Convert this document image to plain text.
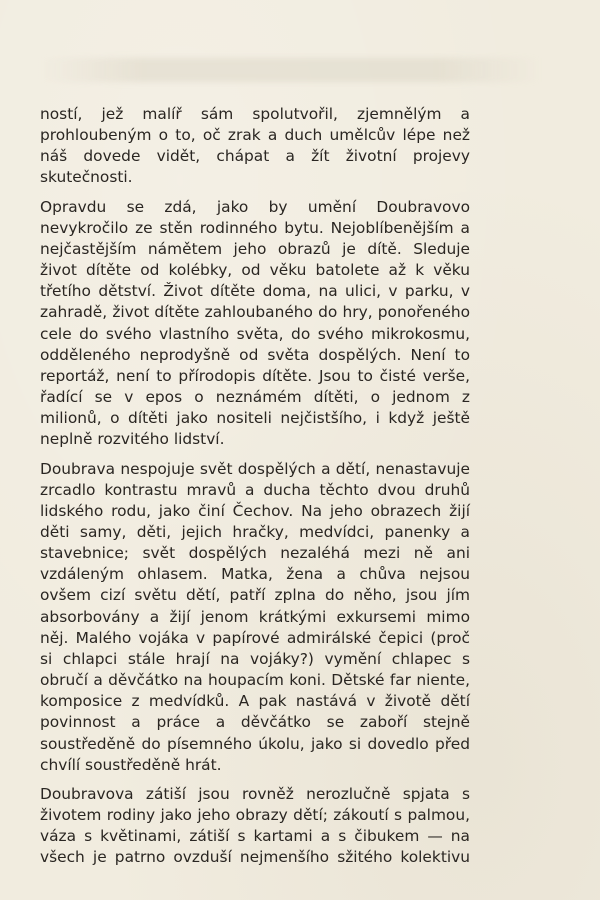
ností, jež malíř sám spolutvořil, zjemnělým a prohloubeným o to, oč zrak a duch umělcův lépe než náš dovede vidět, chápat a žít životní projevy skutečnosti.

Opravdu se zdá, jako by umění Doubravovo nevykročilo ze stěn rodinného bytu. Nejoblíbenějším a nejčastějším námětem jeho obrazů je dítě. Sleduje život dítěte od kolébky, od věku batolete až k věku třetího dětství. Život dítěte doma, na ulici, v parku, v zahradě, život dítěte zahloubaného do hry, ponořeného cele do svého vlastního světa, do svého mikrokosmu, odděleného neprodyšně od světa dospělých. Není to reportáž, není to přírodopis dítěte. Jsou to čisté verše, řadící se v epos o neznámém dítěti, o jednom z milionů, o dítěti jako nositeli nejčistšího, i když ještě neplně rozvitého lidství.

Doubrava nespojuje svět dospělých a dětí, nenastavuje zrcadlo kontrastu mravů a ducha těchto dvou druhů lidského rodu, jako činí Čechov. Na jeho obrazech žijí děti samy, děti, jejich hračky, medvídci, panenky a stavebnice; svět dospělých nezaléhá mezi ně ani vzdáleným ohlasem. Matka, žena a chůva nejsou ovšem cizí světu dětí, patří zplna do něho, jsou jím absorbovány a žijí jenom krátkými exkursemi mimo něj. Malého vojáka v papírové admirálské čepici (proč si chlapci stále hrají na vojáky?) vymění chlapec s obručí a děvčátko na houpacím koni. Dětské far niente, komposice z medvídků. A pak nastává v životě dětí povinnost a práce a děvčátko se zaboří stejně soustředěně do písemného úkolu, jako si dovedlo před chvílí soustředěně hrát.

Doubravova zátiší jsou rovněž nerozlučně spjata s životem rodiny jako jeho obrazy dětí; zákoutí s palmou, váza s květinami, zátiší s kartami a s čibukem — na všech je patrno ovzduší nejmenšího sžitého kolektivu
